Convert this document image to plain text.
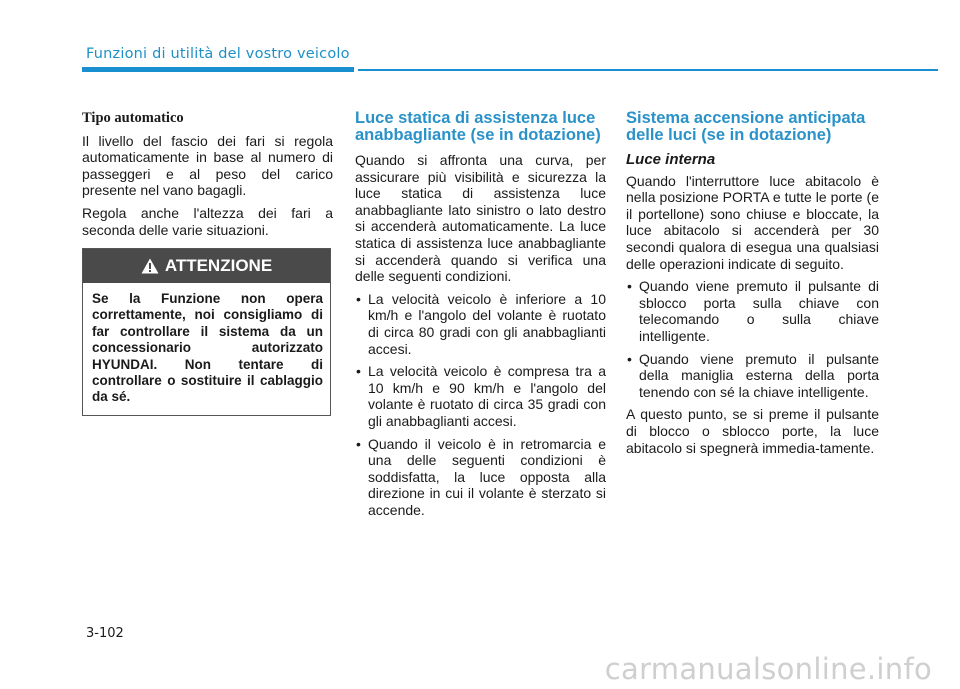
Funzioni di utilità del vostro veicolo
Tipo automatico

Il livello del fascio dei fari si regola automaticamente in base al numero di passeggeri e al peso del carico presente nel vano bagagli.

Regola anche l'altezza dei fari a seconda delle varie situazioni.

ATTENZIONE
Se la Funzione non opera correttamente, noi consigliamo di far controllare il sistema da un concessionario autorizzato HYUNDAI. Non tentare di controllare o sostituire il cablaggio da sé.
Luce statica di assistenza luce anabbagliante (se in dotazione)

Quando si affronta una curva, per assicurare più visibilità e sicurezza la luce statica di assistenza luce anabbagliante lato sinistro o lato destro si accenderà automaticamente. La luce statica di assistenza luce anabbagliante si accenderà quando si verifica una delle seguenti condizioni.

• La velocità veicolo è inferiore a 10 km/h e l'angolo del volante è ruotato di circa 80 gradi con gli anabbaglianti accesi.
• La velocità veicolo è compresa tra a 10 km/h e 90 km/h e l'angolo del volante è ruotato di circa 35 gradi con gli anabbaglianti accesi.
• Quando il veicolo è in retromarcia e una delle seguenti condizioni è soddisfatta, la luce opposta alla direzione in cui il volante è sterzato si accende.
Sistema accensione anticipata delle luci (se in dotazione)
Luce interna

Quando l'interruttore luce abitacolo è nella posizione PORTA e tutte le porte (e il portellone) sono chiuse e bloccate, la luce abitacolo si accenderà per 30 secondi qualora di esegua una qualsiasi delle operazioni indicate di seguito.

• Quando viene premuto il pulsante di sblocco porta sulla chiave con telecomando o sulla chiave intelligente.
• Quando viene premuto il pulsante della maniglia esterna della porta tenendo con sé la chiave intelligente.

A questo punto, se si preme il pulsante di blocco o sblocco porte, la luce abitacolo si spegnerà immedia-tamente.

3-102
carmanualsonline.info
